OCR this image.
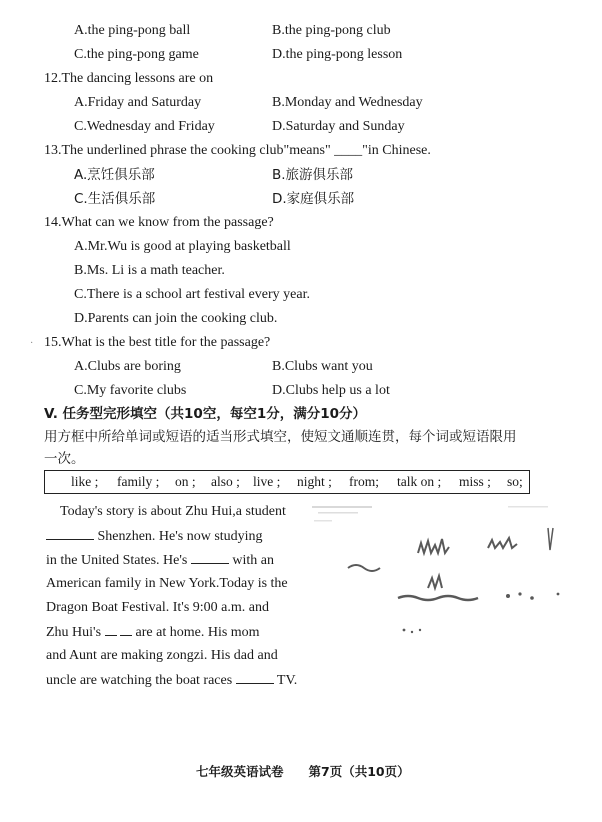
A.the ping-pong ball	B.the ping-pong club
C.the ping-pong game	D.the ping-pong lesson
12.The dancing lessons are on
A.Friday and Saturday	B.Monday and Wednesday
C.Wednesday and Friday	D.Saturday and Sunday
13.The underlined phrase the cooking club"means" ____"in Chinese.
A.烹饪俱乐部	B.旅游俱乐部
C.生活俱乐部	D.家庭俱乐部
14.What can we know from the passage?
A.Mr.Wu is good at playing basketball
B.Ms. Li is a math teacher.
C.There is a school art festival every year.
D.Parents can join the cooking club.
15.What is the best title for the passage?
A.Clubs are boring	B.Clubs want you
C.My favorite clubs	D.Clubs help us a lot
V. 任务型完形填空（共10空，每空1分，满分10分）
用方框中所给单词或短语的适当形式填空，使短文通顺连贯，每个词或短语限用
一次。
like ; family ; on ; also ; live ; night ; from; talk on ; miss ; so;
Today's story is about Zhu Hui,a student
Shenzhen. He's now studying
in the United States. He's	with an
American family in New York.Today is the
Dragon Boat Festival. It's 9:00 a.m. and
Zhu Hui's   are at home. His mom
and Aunt are making zongzi. His dad and
uncle are watching the boat races	TV.
·
七年级英语试卷　　第7页（共10页）
